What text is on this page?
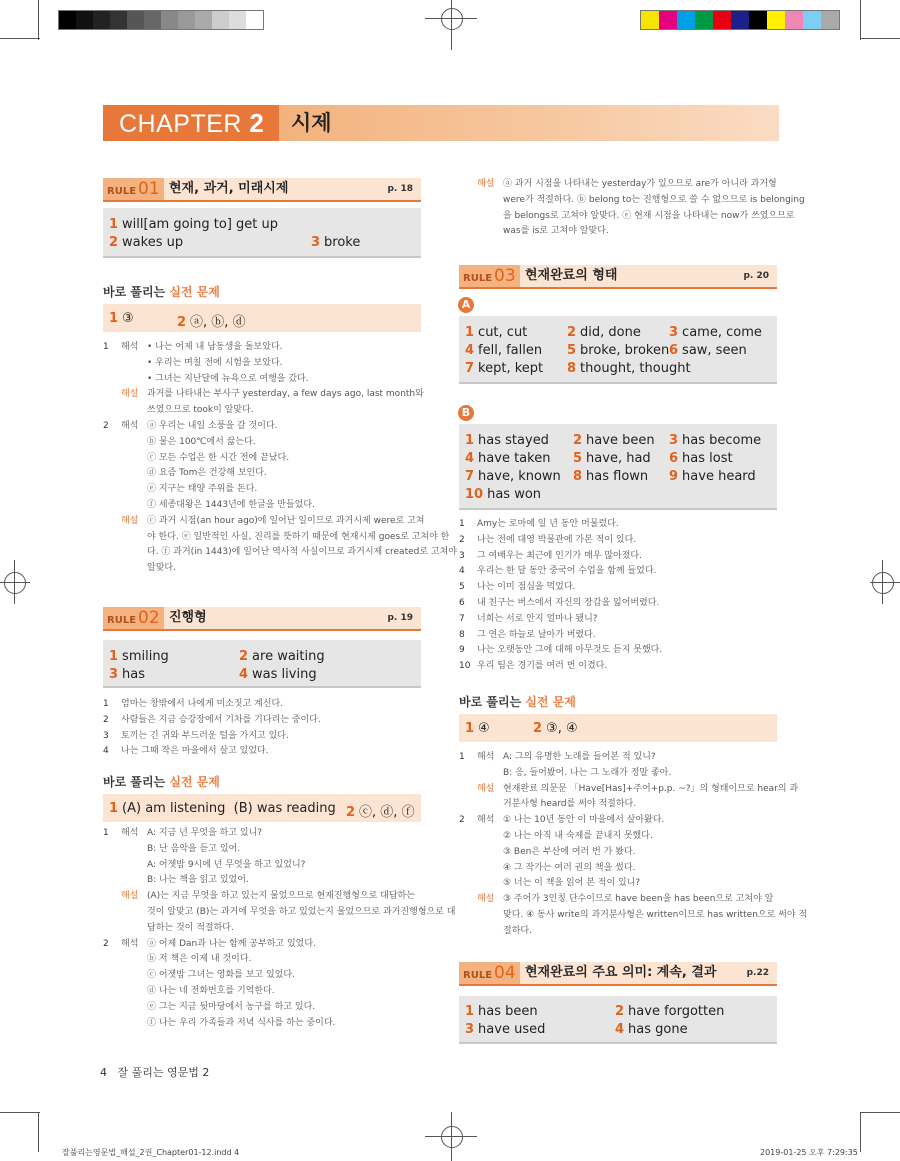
CHAPTER 2	시제
RULE 01 현재, 과거, 미래시제	p. 18
1 will[am going to] get up
2 wakes up	3 broke
바로 풀리는 실전 문제
1 ③	2 ⓐ, ⓑ, ⓓ
1 해석 • 나는 어제 내 남동생을 돌보았다.
• 우리는 며칠 전에 시험을 보았다.
• 그녀는 지난달에 뉴욕으로 여행을 갔다.
해설 과거를 나타내는 부사구 yesterday, a few days ago, last month와
쓰였으므로 took이 알맞다.
2 해석 ⓐ 우리는 내일 소풍을 갈 것이다.
ⓑ 물은 100℃에서 끓는다.
ⓒ 모든 수업은 한 시간 전에 끝났다.
ⓓ 요즘 Tom은 건강해 보인다.
ⓔ 지구는 태양 주위를 돈다.
ⓕ 세종대왕은 1443년에 한글을 만들었다.
해설 ⓒ 과거 시점(an hour ago)에 일어난 일이므로 과거시제 were로 고쳐
야 한다. ⓔ 일반적인 사실, 진리를 뜻하기 때문에 현재시제 goes로 고쳐야 한
다. ⓕ 과거(in 1443)에 일어난 역사적 사실이므로 과거시제 created로 고쳐야
알맞다.
RULE 02 진행형	p. 19
1 smiling	2 are waiting
3 has	4 was living
1 엄마는 창밖에서 나에게 미소짓고 계신다.
2 사람들은 지금 승강장에서 기차를 기다리는 중이다.
3 토끼는 긴 귀와 부드러운 털을 가지고 있다.
4 나는 그때 작은 마을에서 살고 있었다.
바로 풀리는 실전 문제
1 (A) am listening  (B) was reading 2 ⓒ, ⓓ, ⓕ
1 해석 A: 지금 넌 무엇을 하고 있니?
B: 난 음악을 듣고 있어.
A: 어젯밤 9시에 넌 무엇을 하고 있었니?
B: 나는 책을 읽고 있었어.
해설 (A)는 지금 무엇을 하고 있는지 물었으므로 현재진행형으로 대답하는
것이 알맞고 (B)는 과거에 무엇을 하고 있었는지 물었으므로 과거진행형으로 대
답하는 것이 적절하다.
2 해석 ⓐ 어제 Dan과 나는 함께 공부하고 있었다.
ⓑ 저 책은 이제 내 것이다.
ⓒ 어젯밤 그녀는 영화를 보고 있었다.
ⓓ 나는 네 전화번호를 기억한다.
ⓔ 그는 지금 뒷마당에서 농구를 하고 있다.
ⓕ 나는 우리 가족들과 저녁 식사를 하는 중이다.
해설 ⓐ 과거 시점을 나타내는 yesterday가 있으므로 are가 아니라 과거형
were가 적절하다. ⓑ belong to는 진행형으로 쓸 수 없으므로 is belonging
을 belongs로 고쳐야 알맞다. ⓔ 현재 시점을 나타내는 now가 쓰였으므로
was를 is로 고쳐야 알맞다.
RULE 03 현재완료의 형태	p. 20
A
1 cut, cut	2 did, done 3 came, come
4 fell, fallen 5 broke, broken 6 saw, seen
7 kept, kept 8 thought, thought
B
1 has stayed 2 have been 3 has become
4 have taken 5 have, had 6 has lost
7 have, known 8 has flown 9 have heard
10 has won
1 Amy는 로마에 일 년 동안 머물렀다.
2 나는 전에 대영 박물관에 가본 적이 있다.
3 그 여배우는 최근에 인기가 매우 많아졌다.
4 우리는 한 달 동안 중국어 수업을 함께 들었다.
5 나는 이미 점심을 먹었다.
6 내 친구는 버스에서 자신의 장갑을 잃어버렸다.
7 너희는 서로 안지 얼마나 됐니?
8 그 연은 하늘로 날아가 버렸다.
9 나는 오랫동안 그에 대해 아무것도 듣지 못했다.
10 우리 팀은 경기를 여러 번 이겼다.
바로 풀리는 실전 문제
1 ④	2 ③, ④
1 해석 A: 그의 유명한 노래를 들어본 적 있니?
B: 응, 들어봤어. 나는 그 노래가 정말 좋아.
해설 현재완료 의문문 「Have[Has]+주어+p.p. ~?」의 형태이므로 hear의 과
거분사형 heard를 써야 적절하다.
2 해석 ① 나는 10년 동안 이 마을에서 살아왔다.
② 나는 아직 내 숙제를 끝내지 못했다.
③ Ben은 부산에 여러 번 가 봤다.
④ 그 작가는 여러 권의 책을 썼다.
⑤ 너는 이 책을 읽어 본 적이 있니?
해설 ③ 주어가 3인칭 단수이므로 have been을 has been으로 고쳐야 알
맞다. ④ 동사 write의 과거분사형은 written이므로 has written으로 써야 적
절하다.
RULE 04 현재완료의 주요 의미: 계속, 결과	p.22
1 has been	2 have forgotten
3 have used	4 has gone
4 잘 풀리는 영문법 2
잘풀리는영문법_해설_2권_Chapter01-12.indd 4	2019-01-25 오후 7:29:35
